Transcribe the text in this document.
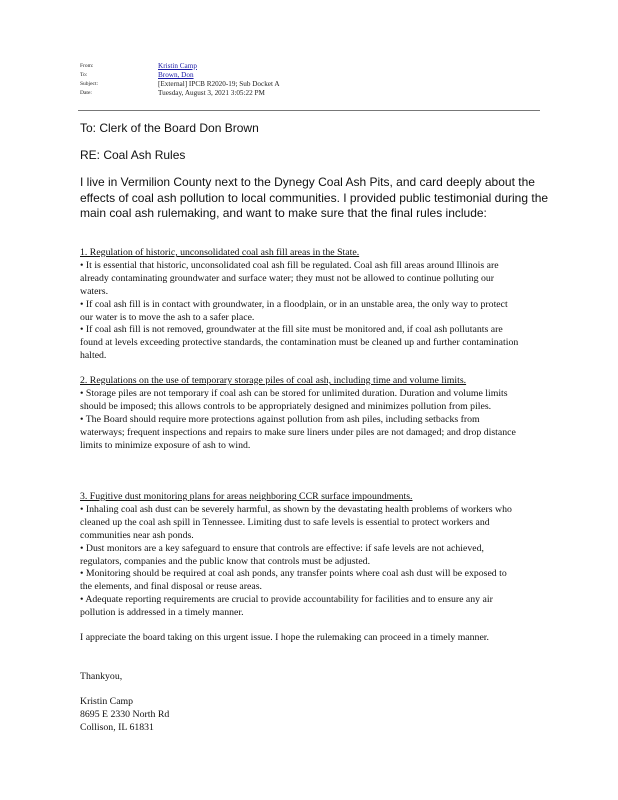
From:	Kristin Camp
To:	Brown, Don
Subject:	[External] IPCB R2020-19; Sub Docket A
Date:	Tuesday, August 3, 2021 3:05:22 PM
To: Clerk of the Board Don Brown
RE: Coal Ash Rules
I live in Vermilion County next to the Dynegy Coal Ash Pits, and card deeply about the effects of coal ash pollution to local communities. I provided public testimonial during the main coal ash rulemaking, and want to make sure that the final rules include:

1. Regulation of historic, unconsolidated coal ash fill areas in the State.

• It is essential that historic, unconsolidated coal ash fill be regulated. Coal ash fill areas around Illinois are already contaminating groundwater and surface water; they must not be allowed to continue polluting our waters.

• If coal ash fill is in contact with groundwater, in a floodplain, or in an unstable area, the only way to protect our water is to move the ash to a safer place.

• If coal ash fill is not removed, groundwater at the fill site must be monitored and, if coal ash pollutants are found at levels exceeding protective standards, the contamination must be cleaned up and further contamination halted.

2. Regulations on the use of temporary storage piles of coal ash, including time and volume limits.

• Storage piles are not temporary if coal ash can be stored for unlimited duration. Duration and volume limits should be imposed; this allows controls to be appropriately designed and minimizes pollution from piles.

• The Board should require more protections against pollution from ash piles, including setbacks from waterways; frequent inspections and repairs to make sure liners under piles are not damaged; and drop distance limits to minimize exposure of ash to wind.

3. Fugitive dust monitoring plans for areas neighboring CCR surface impoundments.

• Inhaling coal ash dust can be severely harmful, as shown by the devastating health problems of workers who cleaned up the coal ash spill in Tennessee. Limiting dust to safe levels is essential to protect workers and communities near ash ponds.

• Dust monitors are a key safeguard to ensure that controls are effective: if safe levels are not achieved, regulators, companies and the public know that controls must be adjusted.

• Monitoring should be required at coal ash ponds, any transfer points where coal ash dust will be exposed to the elements, and final disposal or reuse areas.

• Adequate reporting requirements are crucial to provide accountability for facilities and to ensure any air pollution is addressed in a timely manner.

I appreciate the board taking on this urgent issue. I hope the rulemaking can proceed in a timely manner.
Thankyou,
Kristin Camp
8695 E 2330 North Rd
Collison, IL 61831
